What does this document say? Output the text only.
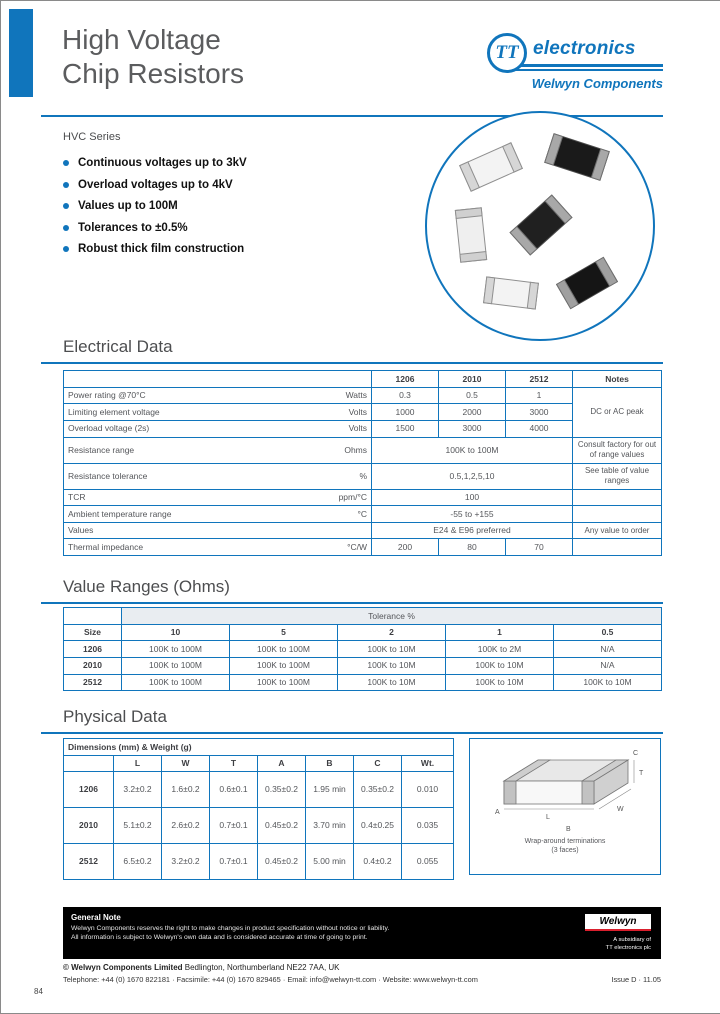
High Voltage
Chip Resistors
TT electronics
Welwyn Components
HVC Series
Continuous voltages up to 3kV
Overload voltages up to 4kV
Values up to 100M
Tolerances to ±0.5%
Robust thick film construction
Electrical Data
		1206	2010	2512	Notes
Power rating @70°C	Watts	0.3	0.5	1	DC or AC peak
Limiting element voltage	Volts	1000	2000	3000	
Overload voltage (2s)	Volts	1500	3000	4000	
Resistance range	Ohms	100K to 100M			Consult factory for out of range values
Resistance tolerance	%	0.5,1,2,5,10			See table of value ranges
TCR	ppm/°C	100			
Ambient temperature range	°C	-55 to +155			
Values		E24 & E96 preferred			Any value to order
Thermal impedance	°C/W	200	80	70	
Value Ranges (Ohms)
	Tolerance %				
Size	10	5	2	1	0.5
1206	100K to 100M	100K to 100M	100K to 10M	100K to 2M	N/A
2010	100K to 100M	100K to 100M	100K to 10M	100K to 10M	N/A
2512	100K to 100M	100K to 100M	100K to 10M	100K to 10M	100K to 10M
Physical Data
Dimensions (mm) & Weight (g)							
	L	W	T	A	B	C	Wt.
1206	3.2±0.2	1.6±0.2	0.6±0.1	0.35±0.2	1.95 min	0.35±0.2	0.010
2010	5.1±0.2	2.6±0.2	0.7±0.1	0.45±0.2	3.70 min	0.4±0.25	0.035
2512	6.5±0.2	3.2±0.2	0.7±0.1	0.45±0.2	5.00 min	0.4±0.2	0.055
A
L
B
W
T
C
Wrap-around terminations
(3 faces)
General Note
Welwyn Components reserves the right to make changes in product specification without notice or liability.
All information is subject to Welwyn's own data and is considered accurate at time of going to print.
Welwyn
A subsidiary of
TT electronics plc
© Welwyn Components Limited Bedlington, Northumberland NE22 7AA, UK
Telephone: +44 (0) 1670 822181 · Facsimile: +44 (0) 1670 829465 · Email: info@welwyn-tt.com · Website: www.welwyn-tt.com	Issue D · 11.05
84
